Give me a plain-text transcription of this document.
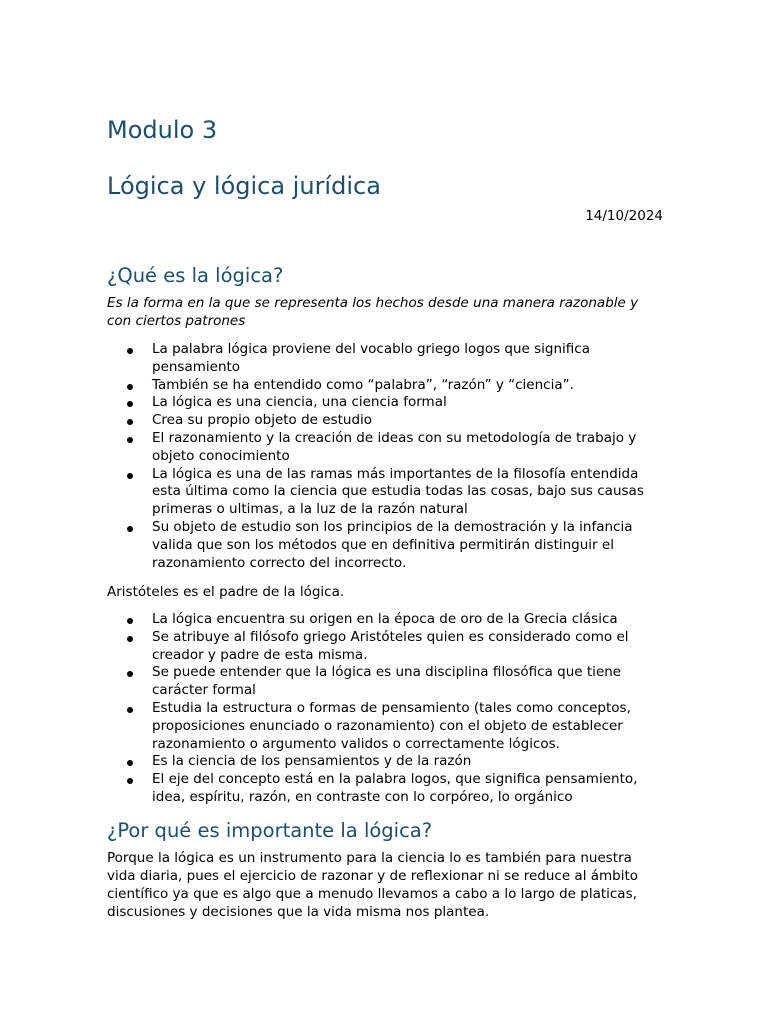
Modulo 3
Lógica y lógica jurídica
14/10/2024
¿Qué es la lógica?

Es la forma en la que se representa los hechos desde una manera razonable y con ciertos patrones

La palabra lógica proviene del vocablo griego logos que significa pensamiento
También se ha entendido como “palabra”, “razón” y “ciencia”.
La lógica es una ciencia, una ciencia formal
Crea su propio objeto de estudio
El razonamiento y la creación de ideas con su metodología de trabajo y objeto conocimiento
La lógica es una de las ramas más importantes de la filosofía entendida esta última como la ciencia que estudia todas las cosas, bajo sus causas primeras o ultimas, a la luz de la razón natural
Su objeto de estudio son los principios de la demostración y la infancia valida que son los métodos que en definitiva permitirán distinguir el razonamiento correcto del incorrecto.

Aristóteles es el padre de la lógica.

La lógica encuentra su origen en la época de oro de la Grecia clásica
Se atribuye al filósofo griego Aristóteles quien es considerado como el creador y padre de esta misma.
Se puede entender que la lógica es una disciplina filosófica que tiene carácter formal
Estudia la estructura o formas de pensamiento (tales como conceptos, proposiciones enunciado o razonamiento) con el objeto de establecer razonamiento o argumento validos o correctamente lógicos.
Es la ciencia de los pensamientos y de la razón
El eje del concepto está en la palabra logos, que significa pensamiento, idea, espíritu, razón, en contraste con lo corpóreo, lo orgánico
¿Por qué es importante la lógica?

Porque la lógica es un instrumento para la ciencia lo es también para nuestra vida diaria, pues el ejercicio de razonar y de reflexionar ni se reduce al ámbito científico ya que es algo que a menudo llevamos a cabo a lo largo de platicas, discusiones y decisiones que la vida misma nos plantea.
